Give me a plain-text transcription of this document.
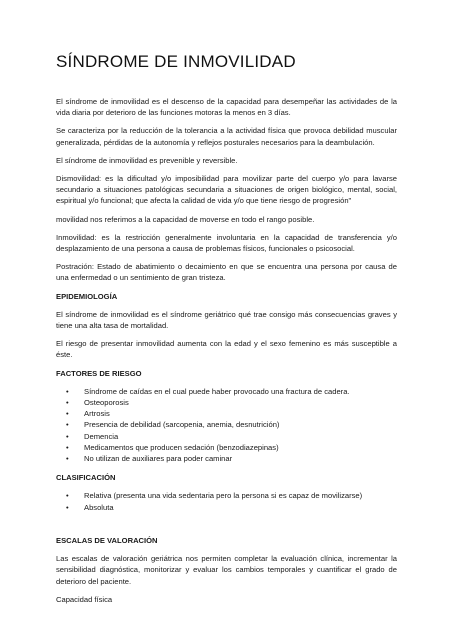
SÍNDROME DE INMOVILIDAD

El síndrome de inmovilidad es el descenso de la capacidad para desempeñar las actividades de la vida diaria por deterioro de las funciones motoras la menos en 3 días.

Se caracteriza por la reducción de la tolerancia a la actividad física que provoca debilidad muscular generalizada, pérdidas de la autonomía y reflejos posturales necesarios para la deambulación.

El síndrome de inmovilidad es prevenible y reversible.

Dismovilidad: es la dificultad y/o imposibilidad para movilizar parte del cuerpo y/o para lavarse secundario a situaciones patológicas secundaria a situaciones de origen biológico, mental, social, espiritual y/o funcional; que afecta la calidad de vida y/o que tiene riesgo de progresión"

movilidad nos referimos a la capacidad de moverse en todo el rango posible.

Inmovilidad: es la restricción generalmente involuntaria en la capacidad de transferencia y/o desplazamiento de una persona a causa de problemas físicos, funcionales o psicosocial.

Postración: Estado de abatimiento o decaimiento en que se encuentra una persona por causa de una enfermedad o un sentimiento de gran tristeza.

EPIDEMIOLOGÍA

El síndrome de inmovilidad es el síndrome geriátrico qué trae consigo más consecuencias graves y tiene una alta tasa de mortalidad.

El riesgo de presentar inmovilidad aumenta con la edad y el sexo femenino es más susceptible a éste.

FACTORES DE RIESGO
• Síndrome de caídas en el cual puede haber provocado una fractura de cadera.
• Osteoporosis
• Artrosis
• Presencia de debilidad (sarcopenia, anemia, desnutrición)
• Demencia
• Medicamentos que producen sedación (benzodiazepinas)
• No utilizan de auxiliares para poder caminar
CLASIFICACIÓN
• Relativa (presenta una vida sedentaria pero la persona si es capaz de movilizarse)
• Absoluta
ESCALAS DE VALORACIÓN

Las escalas de valoración geriátrica nos permiten completar la evaluación clínica, incrementar la sensibilidad diagnóstica, monitorizar y evaluar los cambios temporales y cuantificar el grado de deterioro del paciente.

Capacidad física
